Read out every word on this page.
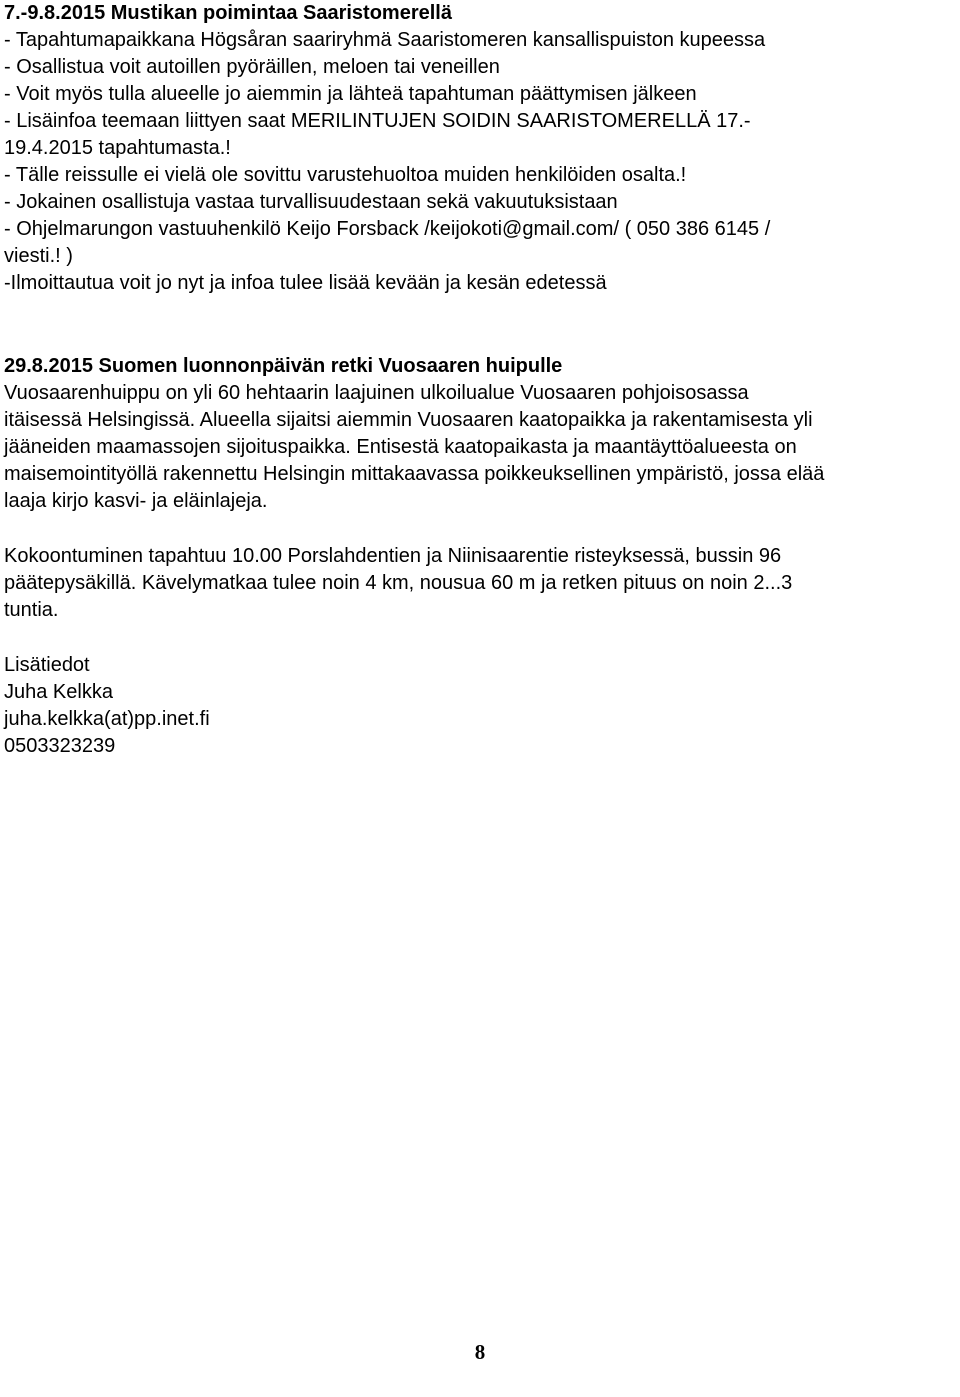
7.-9.8.2015 Mustikan poimintaa Saaristomerellä

- Tapahtumapaikkana Högsåran saariryhmä Saaristomeren kansallispuiston kupeessa

- Osallistua voit autoillen pyöräillen, meloen tai veneillen

- Voit myös tulla alueelle jo aiemmin ja lähteä tapahtuman päättymisen jälkeen

- Lisäinfoa teemaan liittyen saat MERILINTUJEN SOIDIN SAARISTOMERELLÄ 17.-

19.4.2015 tapahtumasta.!

- Tälle reissulle ei vielä ole sovittu varustehuoltoa muiden henkilöiden osalta.!

- Jokainen osallistuja vastaa turvallisuudestaan sekä vakuutuksistaan

- Ohjelmarungon vastuuhenkilö Keijo Forsback /keijokoti@gmail.com/ ( 050 386 6145 /

viesti.! )

-Ilmoittautua voit jo nyt ja infoa tulee lisää kevään ja kesän edetessä

29.8.2015 Suomen luonnonpäivän retki Vuosaaren huipulle

Vuosaarenhuippu on yli 60 hehtaarin laajuinen ulkoilualue Vuosaaren pohjoisosassa

itäisessä Helsingissä. Alueella sijaitsi aiemmin Vuosaaren kaatopaikka ja rakentamisesta yli

jääneiden maamassojen sijoituspaikka. Entisestä kaatopaikasta ja maantäyttöalueesta on

maisemointityöllä rakennettu Helsingin mittakaavassa poikkeuksellinen ympäristö, jossa elää

laaja kirjo kasvi- ja eläinlajeja.

Kokoontuminen tapahtuu 10.00 Porslahdentien ja Niinisaarentie risteyksessä, bussin 96

päätepysäkillä. Kävelymatkaa tulee noin 4 km, nousua 60 m ja retken pituus on noin 2...3

tuntia.

Lisätiedot

Juha Kelkka

juha.kelkka(at)pp.inet.fi

0503323239

8
